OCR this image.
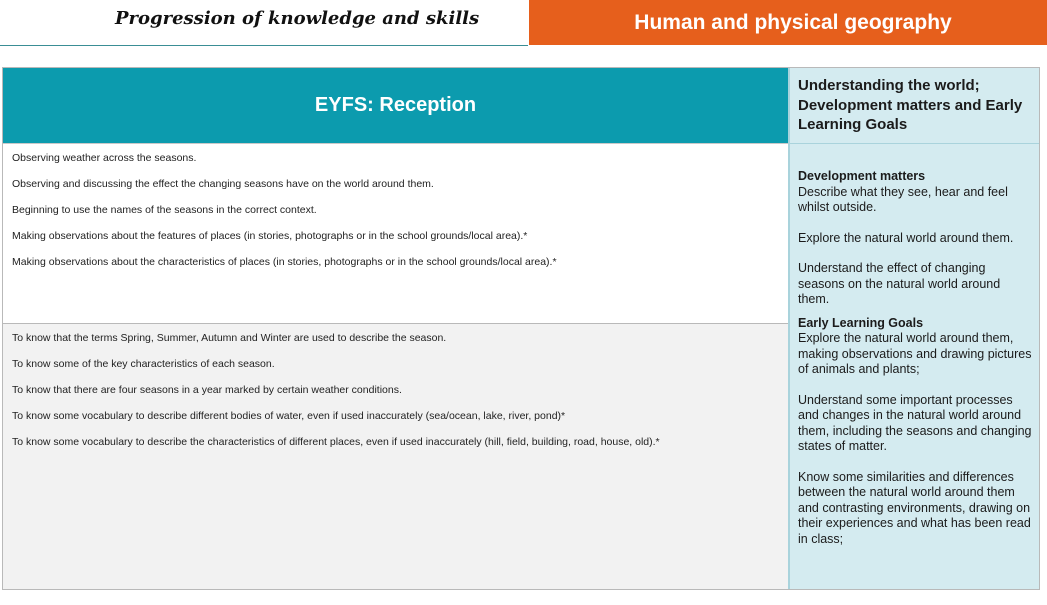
Progression of knowledge and skills	Human and physical geography
EYFS: Reception
Observing weather across the seasons.
Observing and discussing the effect the changing seasons have on the world around them.
Beginning to use the names of the seasons in the correct context.
Making observations about the features of places (in stories, photographs or in the school grounds/local area).*
Making observations about the characteristics of places (in stories, photographs or in the school grounds/local area).*
To know that the terms Spring, Summer, Autumn and Winter are used to describe the season.
To know some of the key characteristics of each season.
To know that there are four seasons in a year marked by certain weather conditions.
To know some vocabulary to describe different bodies of water, even if used inaccurately (sea/ocean, lake, river, pond)*
To know some vocabulary to describe the characteristics of different places, even if used inaccurately (hill, field, building, road, house, old).*
Understanding the world; Development matters and Early Learning Goals
Development matters
Describe what they see, hear and feel whilst outside.
Explore the natural world around them.
Understand the effect of changing seasons on the natural world around them.
Early Learning Goals
Explore the natural world around them, making observations and drawing pictures of animals and plants;
Understand some important processes and changes in the natural world around them, including the seasons and changing states of matter.
Know some similarities and differences between the natural world around them and contrasting environments, drawing on their experiences and what has been read in class;
